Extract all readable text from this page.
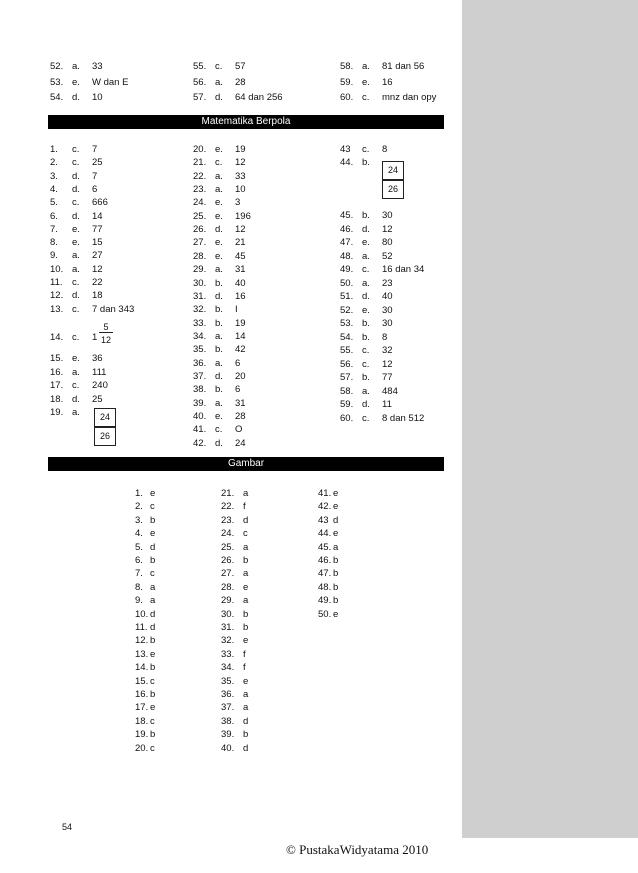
52. a. 33
53. e. W dan E
54. d. 10
55. c. 57
56. a. 28
57. d. 64 dan 256
58. a. 81 dan 56
59. e. 16
60. c. mnz dan opy
1. c. 7
2. c. 25
3. d. 7
4. d. 6
5. c. 666
6. d. 14
7. e. 77
8. e. 15
9. a. 27
10. a. 12
11. c. 22
12. d. 18
13. c. 7 dan 343
14. c. 1
5
12
15. e. 36
16. a. 111
17. c. 240
18. d. 25
19. a.	24
26
20. e. 19
21. c. 12
22. a. 33
23. a. 10
24. e. 3
25. e. 196
26. d. 12
27. e. 21
28. e. 45
29. a. 31
30. b. 40
31. d. 16
32. b. I
33. b. 19
34. a. 14
35. b. 42
36. a. 6
37. d. 20
38. b. 6
39. a. 31
40. e. 28
41. c. O
42. d. 24
43 c. 8
44. b.
24
26
45. b. 30
46. d. 12
47. e. 80
48. a. 52
49. c. 16 dan 34
50. a. 23
51. d. 40
52. e. 30
53. b. 30
54. b. 8
55. c. 32
56. c. 12
57. b. 77
58. a. 484
59. d. 11
60. c. 8 dan 512
1. e
2. c
3. b
4. e
5. d
6. b
7. c
8. a
9. a
10. d
11. d
12. b
13. e
14. b
15. c
16. b
17. e
18. c
19. b
20. c
21. a
22. f
23. d
24. c
25. a
26. b
27. a
28. e
29. a
30. b
31. b
32. e
33. f
34. f
35. e
36. a
37. a
38. d
39. b
40. d
41. e
42. e
43 d
44. e
45. a
46. b
47. b
48. b
49. b
50. e
Matematika Berpola
Gambar
54
© PustakaWidyatama 2010
